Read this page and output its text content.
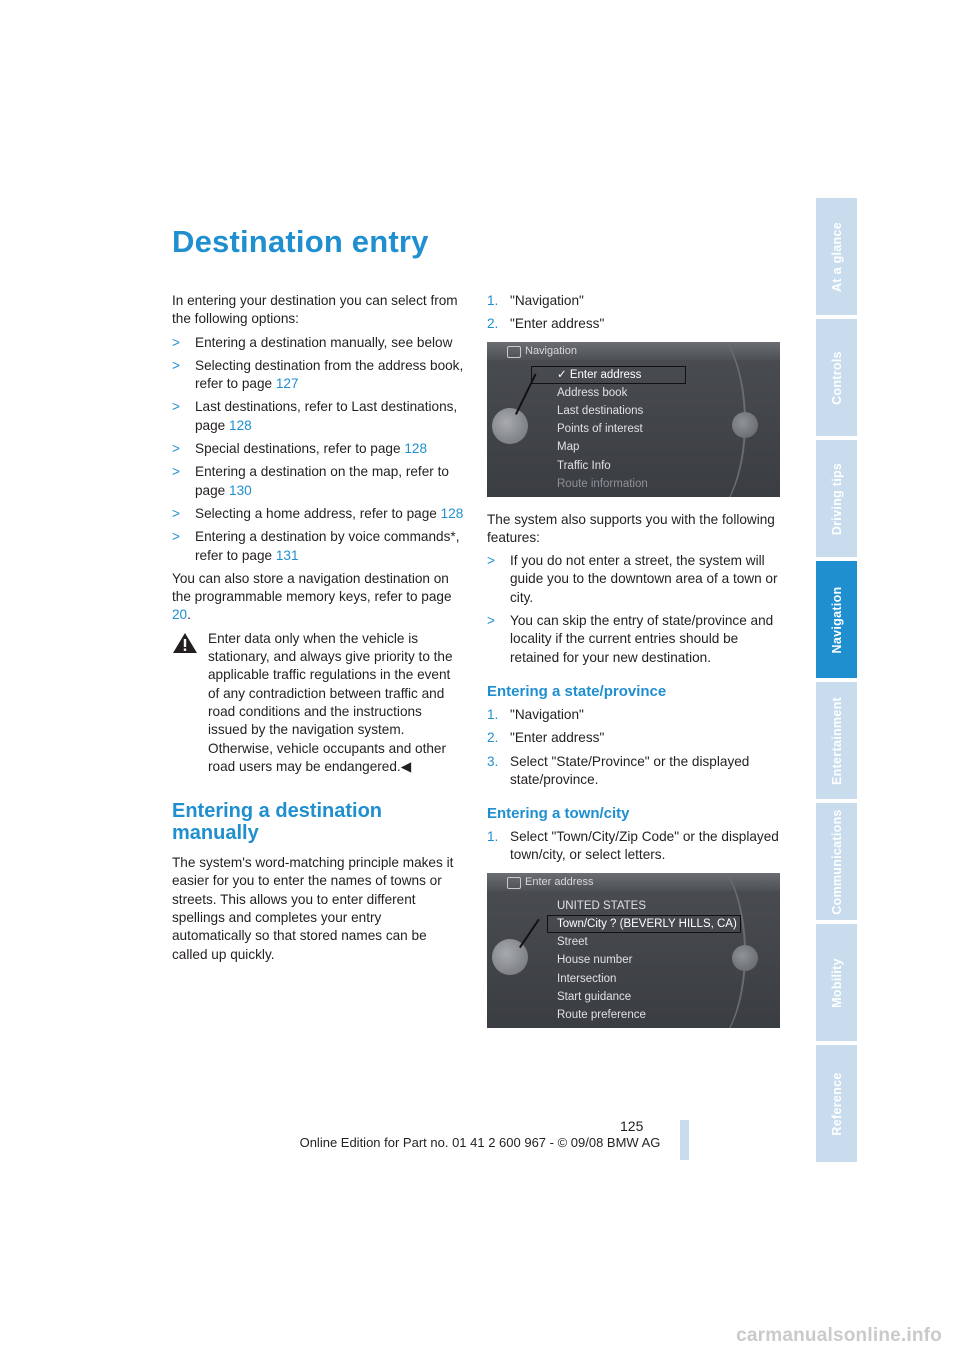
Destination entry

In entering your destination you can select from the following options:

> Entering a destination manually, see below
> Selecting destination from the address book, refer to page 127
> Last destinations, refer to Last destinations, page 128
> Special destinations, refer to page 128
> Entering a destination on the map, refer to page 130
> Selecting a home address, refer to page 128
> Entering a destination by voice commands*, refer to page 131

You can also store a navigation destination on the programmable memory keys, refer to page 20.

Enter data only when the vehicle is stationary, and always give priority to the applicable traffic regulations in the event of any contradiction between traffic and road conditions and the instructions issued by the navigation system. Otherwise, vehicle occupants and other road users may be endangered.◀
Entering a destination manually

The system's word-matching principle makes it easier for you to enter the names of towns or streets. This allows you to enter different spellings and completes your entry automatically so that stored names can be called up quickly.

1. "Navigation"
2. "Enter address"
Navigation
✓ Enter address
Address book
Last destinations
Points of interest
Map
Traffic Info
Route information

The system also supports you with the following features:

> If you do not enter a street, the system will guide you to the downtown area of a town or city.
> You can skip the entry of state/province and locality if the current entries should be retained for your new destination.
Entering a state/province
1. "Navigation"
2. "Enter address"
3. Select "State/Province" or the displayed state/province.
Entering a town/city
1. Select "Town/City/Zip Code" or the displayed town/city, or select letters.
Enter address
UNITED STATES
Town/City ? (BEVERLY HILLS, CA)
Street
House number
Intersection
Start guidance
Route preference
At a glance
Controls
Driving tips
Navigation
Entertainment
Communications
Mobility
Reference
125
Online Edition for Part no. 01 41 2 600 967 - © 09/08 BMW AG
carmanualsonline.info
